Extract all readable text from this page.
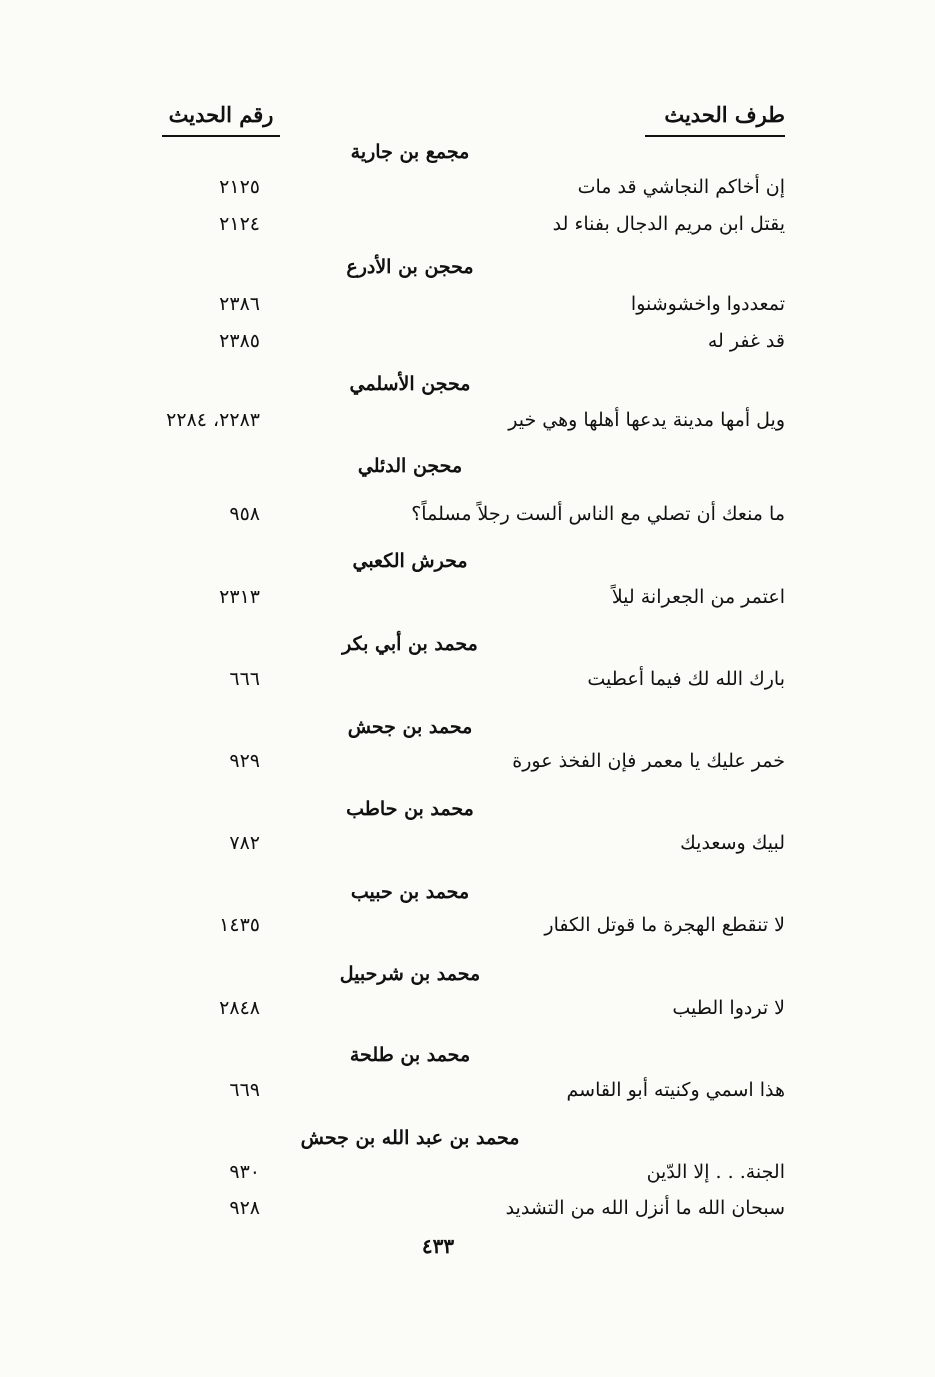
طرف الحديث
رقم الحديث
مجمع بن جارية
إن أخاكم النجاشي قد مات
٢١٢٥
يقتل ابن مريم الدجال بفناء لد
٢١٢٤
محجن بن الأدرع
تمعددوا واخشوشنوا
٢٣٨٦
قد غفر له
٢٣٨٥
محجن الأسلمي
ويل أمها مدينة يدعها أهلها وهي خير
٢٢٨٣، ٢٢٨٤
محجن الدئلي
ما منعك أن تصلي مع الناس ألست رجلاً مسلماً؟
٩٥٨
محرش الكعبي
اعتمر من الجعرانة ليلاً
٢٣١٣
محمد بن أبي بكر
بارك الله لك فيما أعطيت
٦٦٦
محمد بن جحش
خمر عليك يا معمر فإن الفخذ عورة
٩٢٩
محمد بن حاطب
لبيك وسعديك
٧٨٢
محمد بن حبيب
لا تنقطع الهجرة ما قوتل الكفار
١٤٣٥
محمد بن شرحبيل
لا تردوا الطيب
٢٨٤٨
محمد بن طلحة
هذا اسمي وكنيته أبو القاسم
٦٦٩
محمد بن عبد الله بن جحش
الجنة. . . إلا الدّين
٩٣٠
سبحان الله ما أنزل الله من التشديد
٩٢٨
٤٣٣
